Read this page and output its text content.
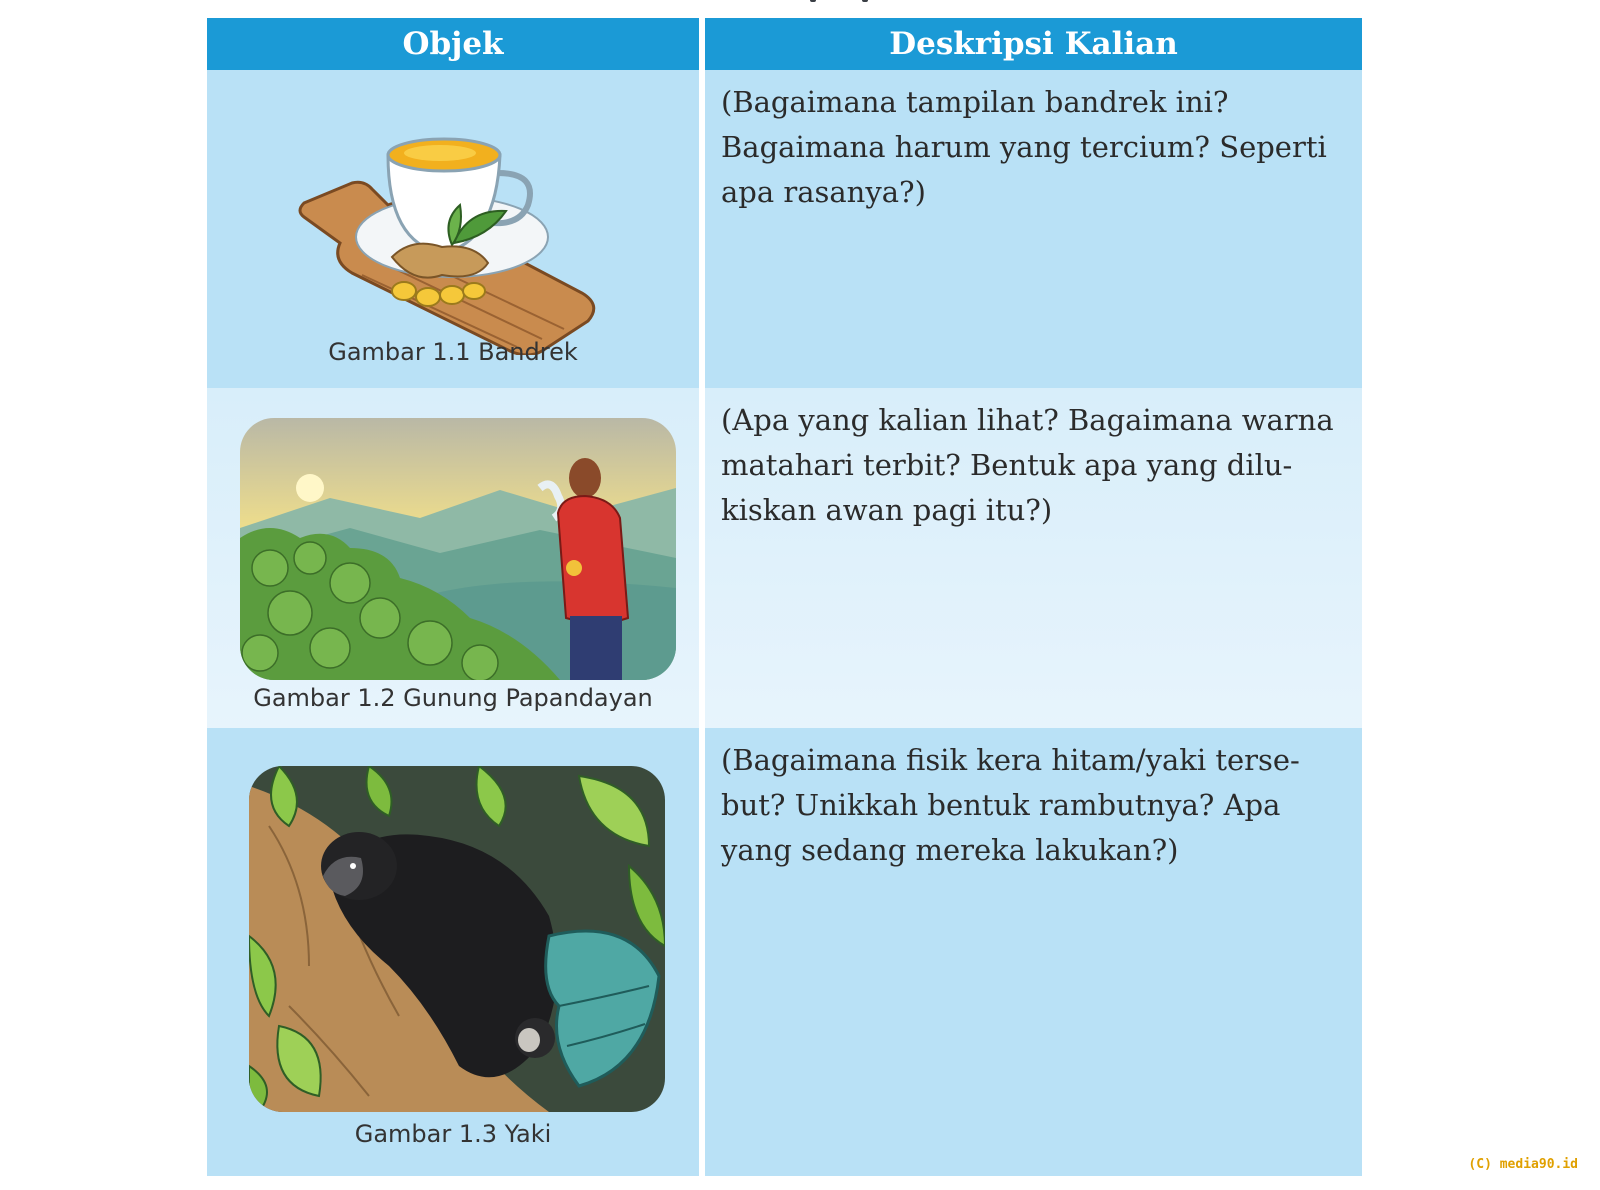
Objek	Deskripsi Kalian

Gambar 1.1 Bandrek	(Bagaimana tampilan bandrek ini?
Bagaimana harum yang tercium? Seperti
apa rasanya?)

Gambar 1.2 Gunung Papandayan	(Apa yang kalian lihat? Bagaimana warna
matahari terbit? Bentuk apa yang dilu-
kiskan awan pagi itu?)

Gambar 1.3 Yaki	(Bagaimana fisik kera hitam/yaki terse-
but? Unikkah bentuk rambutnya? Apa
yang sedang mereka lakukan?)

(C) media90.id
